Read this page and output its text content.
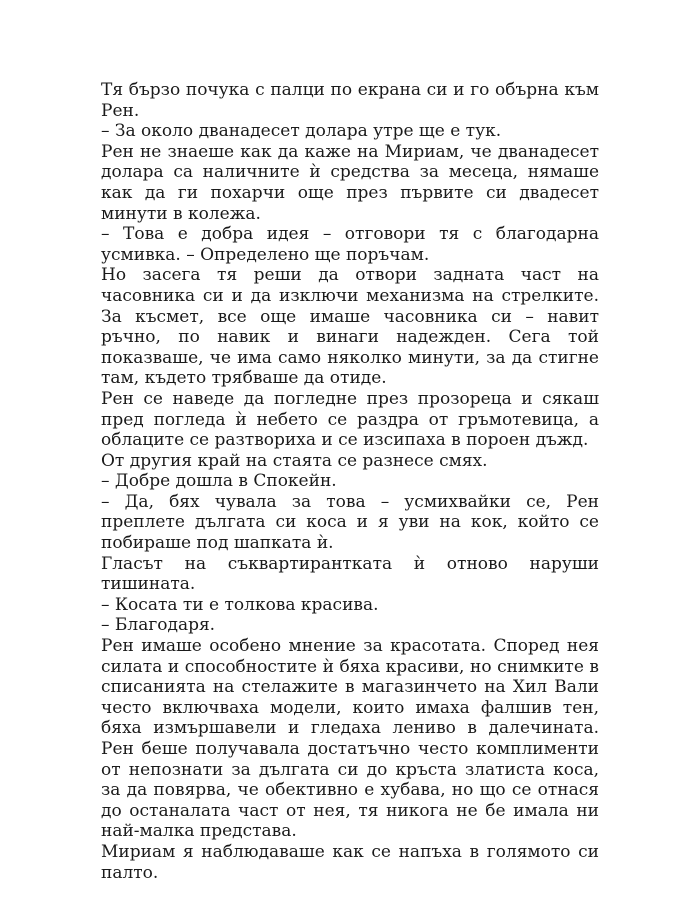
Тя бързо почука с палци по екрана си и го обърна към Рен.

– За около дванадесет долара утре ще е тук.

Рен не знаеше как да каже на Мириам, че дванадесет долара са наличните ѝ средства за месеца, нямаше как да ги похарчи още през първите си двадесет минути в колежа.

– Това е добра идея – отговори тя с благодарна усмивка. – Определено ще поръчам.

Но засега тя реши да отвори задната част на часовника си и да изключи механизма на стрелките. За късмет, все още имаше часовника си – навит ръчно, по навик и винаги надежден. Сега той показваше, че има само няколко минути, за да стигне там, където трябваше да отиде.

Рен се наведе да погледне през прозореца и сякаш пред погледа ѝ небето се раздра от гръмотевица, а облаците се разтвориха и се изсипаха в пороен дъжд.

От другия край на стаята се разнесе смях.

– Добре дошла в Спокейн.

– Да, бях чувала за това – усмихвайки се, Рен преплете дългата си коса и я уви на кок, който се побираше под шапката ѝ.

Гласът на съквартирантката ѝ отново наруши тишината.

– Косата ти е толкова красива.

– Благодаря.

Рен имаше особено мнение за красотата. Според нея силата и способностите ѝ бяха красиви, но снимките в списанията на стелажите в магазинчето на Хил Вали често включваха модели, които имаха фалшив тен, бяха измършавели и гледаха лениво в далечината. Рен беше получавала достатъчно често комплименти от непознати за дългата си до кръста златиста коса, за да повярва, че обективно е хубава, но що се отнася до останалата част от нея, тя никога не бе имала ни най-малка представа.

Мириам я наблюдаваше как се напъха в голямото си палто.
